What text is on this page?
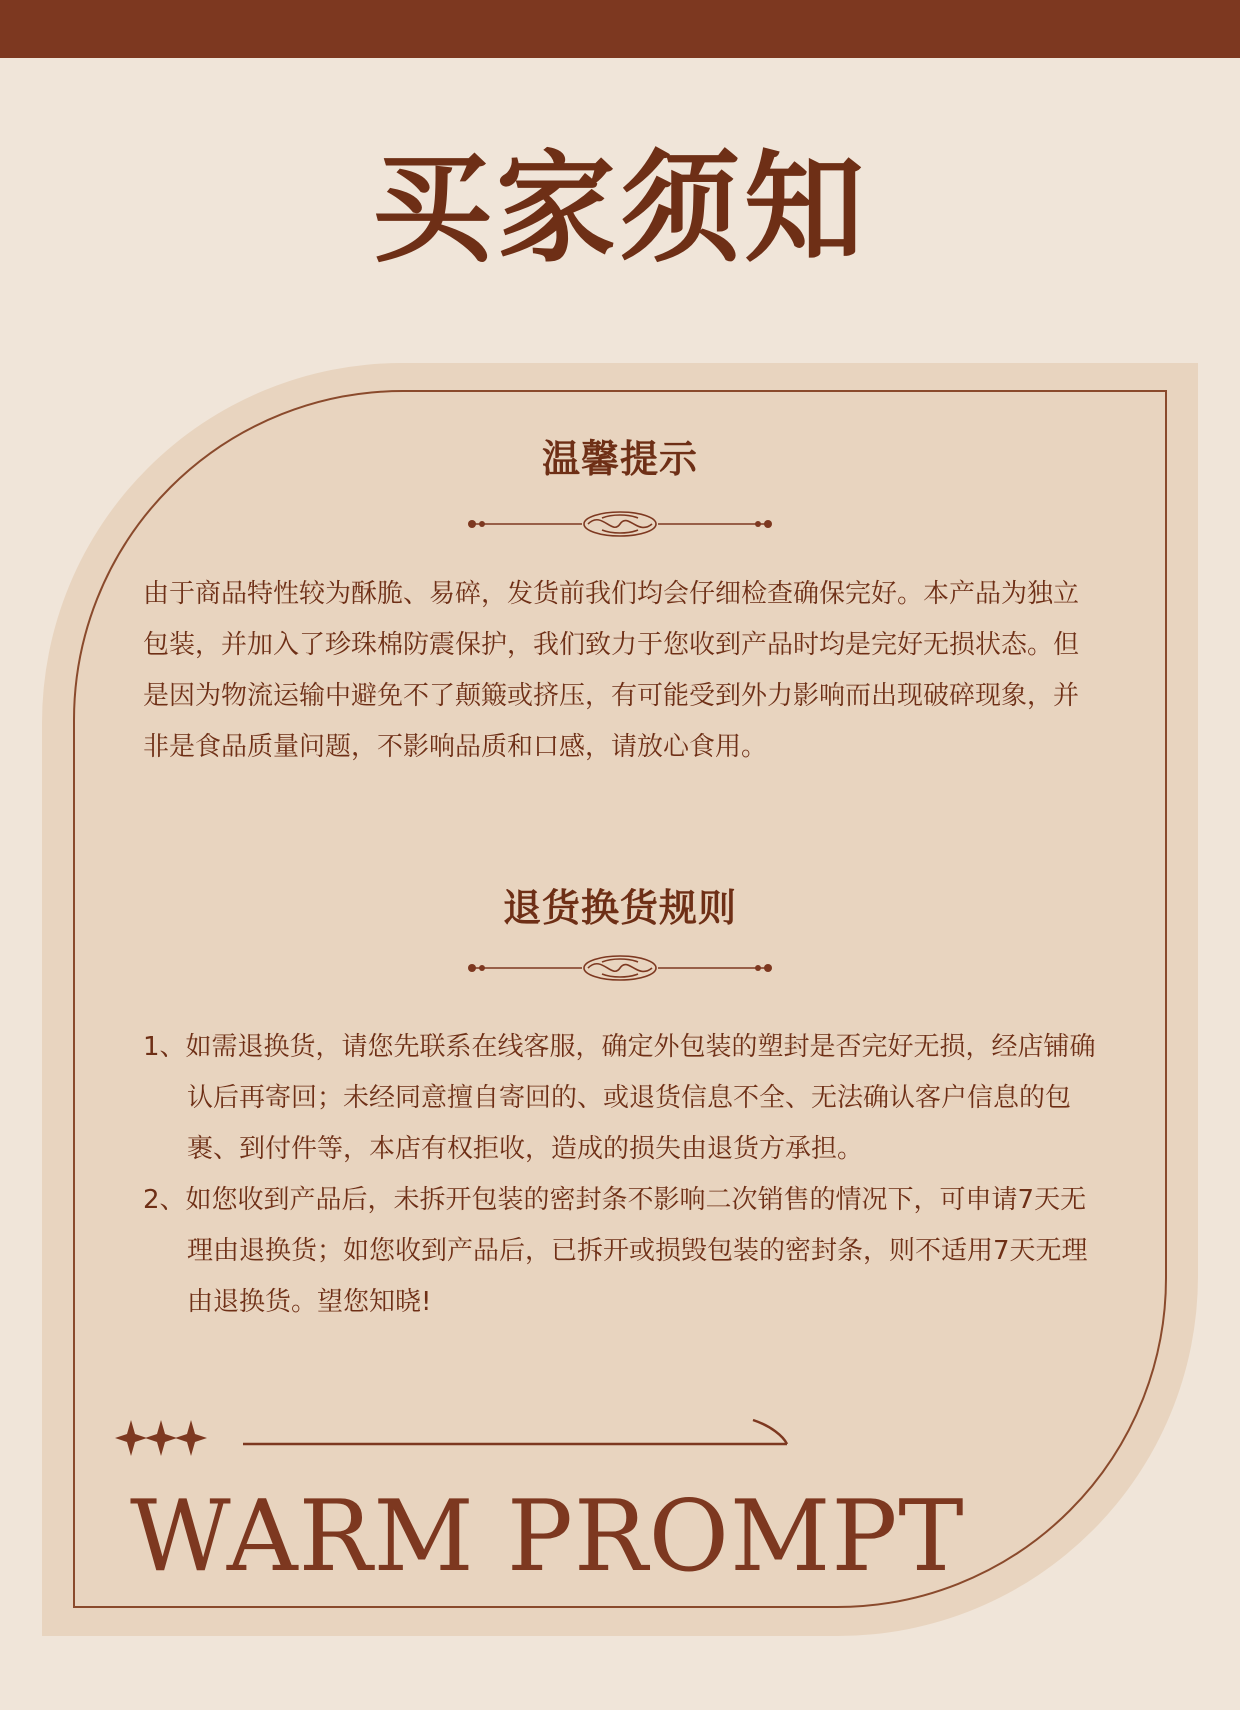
买家须知
温馨提示
由于商品特性较为酥脆、易碎，发货前我们均会仔细检查确保完好。本产品为独立包装，并加入了珍珠棉防震保护，我们致力于您收到产品时均是完好无损状态。但是因为物流运输中避免不了颠簸或挤压，有可能受到外力影响而出现破碎现象，并非是食品质量问题，不影响品质和口感，请放心食用。
退货换货规则
1、如需退换货，请您先联系在线客服，确定外包装的塑封是否完好无损，经店铺确认后再寄回；未经同意擅自寄回的、或退货信息不全、无法确认客户信息的包裹、到付件等，本店有权拒收，造成的损失由退货方承担。
2、如您收到产品后，未拆开包装的密封条不影响二次销售的情况下，可申请7天无理由退换货；如您收到产品后，已拆开或损毁包装的密封条，则不适用7天无理由退换货。望您知晓!
WARM PROMPT
